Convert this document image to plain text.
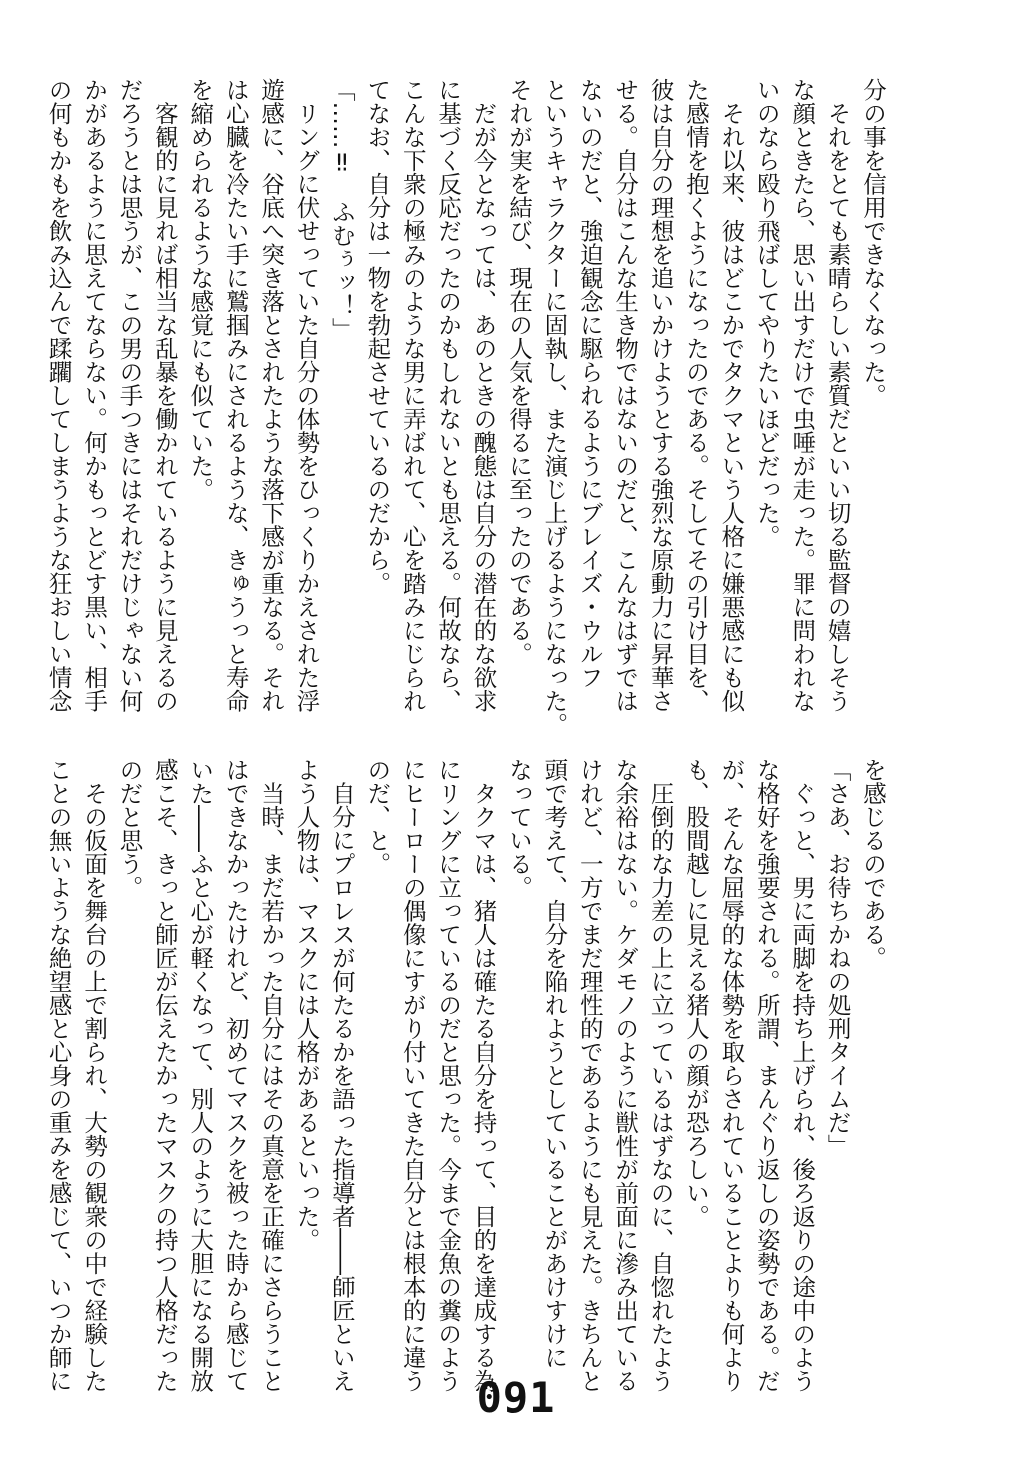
分の事を信用できなくなった。
　それをとても素晴らしい素質だといい切る監督の嬉しそう
な顔ときたら、思い出すだけで虫唾が走った。罪に問われな
いのなら殴り飛ばしてやりたいほどだった。
　それ以来、彼はどこかでタクマという人格に嫌悪感にも似
た感情を抱くようになったのである。そしてその引け目を、
彼は自分の理想を追いかけようとする強烈な原動力に昇華さ
せる。自分はこんな生き物ではないのだと、こんなはずでは
ないのだと、強迫観念に駆られるようにブレイズ・ウルフ
というキャラクターに固執し、また演じ上げるようになった。
それが実を結び、現在の人気を得るに至ったのである。
　だが今となっては、あのときの醜態は自分の潜在的な欲求
に基づく反応だったのかもしれないとも思える。何故なら、
こんな下衆の極みのような男に弄ばれて、心を踏みにじられ
てなお、自分は一物を勃起させているのだから。
「……‼　ふむぅッ！」
　リングに伏せっていた自分の体勢をひっくりかえされた浮
遊感に、谷底へ突き落とされたような落下感が重なる。それ
は心臓を冷たい手に鷲掴みにされるような、きゅうっと寿命
を縮められるような感覚にも似ていた。
　客観的に見れば相当な乱暴を働かれているように見えるの
だろうとは思うが、この男の手つきにはそれだけじゃない何
かがあるように思えてならない。何かもっとどす黒い、相手
の何もかもを飲み込んで蹂躙してしまうような狂おしい情念
を感じるのである。
「さあ、お待ちかねの処刑タイムだ」
　ぐっと、男に両脚を持ち上げられ、後ろ返りの途中のよう
な格好を強要される。所謂、まんぐり返しの姿勢である。だ
が、そんな屈辱的な体勢を取らされていることよりも何より
も、股間越しに見える猪人の顔が恐ろしい。
　圧倒的な力差の上に立っているはずなのに、自惚れたよう
な余裕はない。ケダモノのように獣性が前面に滲み出ている
けれど、一方でまだ理性的であるようにも見えた。きちんと
頭で考えて、自分を陥れようとしていることがあけすけに
なっている。
　タクマは、猪人は確たる自分を持って、目的を達成する為
にリングに立っているのだと思った。今まで金魚の糞のよう
にヒーローの偶像にすがり付いてきた自分とは根本的に違う
のだ、と。
　自分にプロレスが何たるかを語った指導者――師匠といえ
よう人物は、マスクには人格があるといった。
　当時、まだ若かった自分にはその真意を正確にさらうこと
はできなかったけれど、初めてマスクを被った時から感じて
いた――ふと心が軽くなって、別人のように大胆になる開放
感こそ、きっと師匠が伝えたかったマスクの持つ人格だった
のだと思う。
　その仮面を舞台の上で割られ、大勢の観衆の中で経験した
ことの無いような絶望感と心身の重みを感じて、いつか師に
091
